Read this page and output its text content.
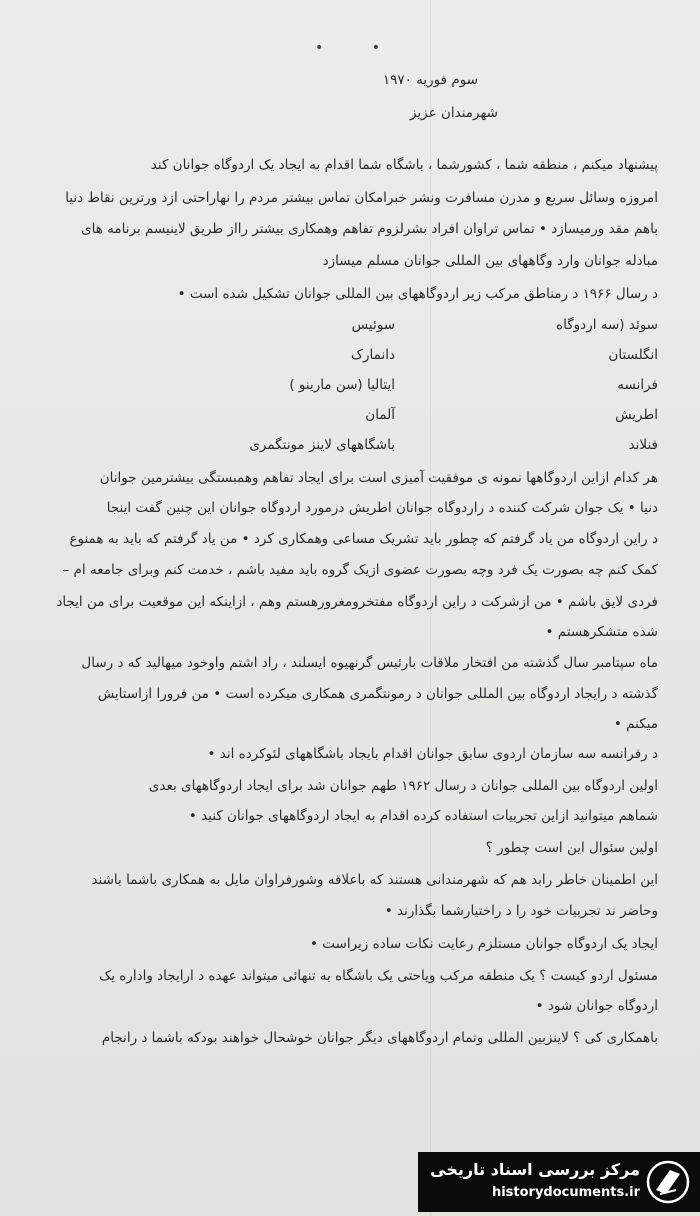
• •
سوم فوریه ۱۹۷۰
شهرمندان عزیز
پیشنهاد میکنم ، منطقه شما ، کشورشما ، باشگاه شما اقدام به ایجاد یک اردوگاه جوانان کند
امروزه وسائل سریع و مدرن مسافرت ونشر خبرامکان تماس بیشتر مردم را نهاراحتی ازد ورترین نقاط دنیا
باهم مقد ورمیسازد • تماس تراوان افراد بشرلزوم تفاهم وهمکاری بیشتر رااز طریق لاینیسم برنامه های
مبادله جوانان وارد وگاههای بین المللی جوانان مسلم میسازد
د رسال ۱۹۶۶ د رمناطق مرکب زیر اردوگاههای بین المللی جوانان تشکیل شده است •
سوئد (سه اردوگاه
سوئیس
انگلستان
دانمارک
فرانسه
ایتالیا (سن مارینو )
اطریش
آلمان
فنلاند
باشگاههای لاینز مونتگمری
هر کدام ازاین اردوگاهها نمونه ی موفقیت آمیزی است برای ایجاد تفاهم وهمبستگی بیشترمین جوانان
دنیا • یک جوان شرکت کننده د راردوگاه جوانان اطریش درمورد اردوگاه جوانان این چنین گفت اینجا
د راین اردوگاه من یاد گرفتم که چطور باید تشریک مساعی وهمکاری کرد • من یاد گرفتم که باید به همنوع
کمک کنم چه بصورت یک فرد وچه بصورت عضوی ازیک گروه باید مفید باشم ، خدمت کنم وبرای جامعه ام –
فردی لایق باشم • من ازشرکت د راین اردوگاه مفتخرومغرورهستم وهم ، ازاینکه این موقعیت برای من ایجاد
شده متشکرهستم •
ماه سپتامبر سال گذشته من افتخار ملاقات بارئیس گرنهیوه ایسلند ، راد اشتم واوخود میهالید که د رسال
گذشته د رایجاد اردوگاه بین المللی جوانان د رمونتگمری همکاری میکرده است • من فرورا ازاستایش
میکنم •
د رفرانسه سه سازمان اردوی سابق جوانان اقدام بایجاد باشگاههای لئوکرده اند •
اولین اردوگاه بین المللی جوانان د رسال ۱۹۶۲ طهم جوانان شد برای ایجاد اردوگاههای بعدی
شماهم میتوانید ازاین تجربیات استفاده کرده اقدام به ایجاد اردوگاههای جوانان کنید •
اولین سئوال این است چطور ؟
این اطمینان خاطر رابد هم که شهرمندانی هستند که باعلاقه وشورفراوان مایل به همکاری باشما باشند
وحاضر ند تجربیات خود را د راختیارشما بگذارند •
ایجاد یک اردوگاه جوانان مستلزم رعایت نکات ساده زیراست •
مسئول اردو کیست ؟ یک منطقه مرکب ویاحتی یک باشگاه به تنهائی میتواند عهده د ارایجاد واداره یک
اردوگاه جوانان شود •
باهمکاری کی ؟ لاینزبین المللی وتمام اردوگاههای دیگر جوانان خوشحال خواهند بودکه باشما د رانجام
مرکز بررسی اسناد تاریخی
historydocuments.ir
